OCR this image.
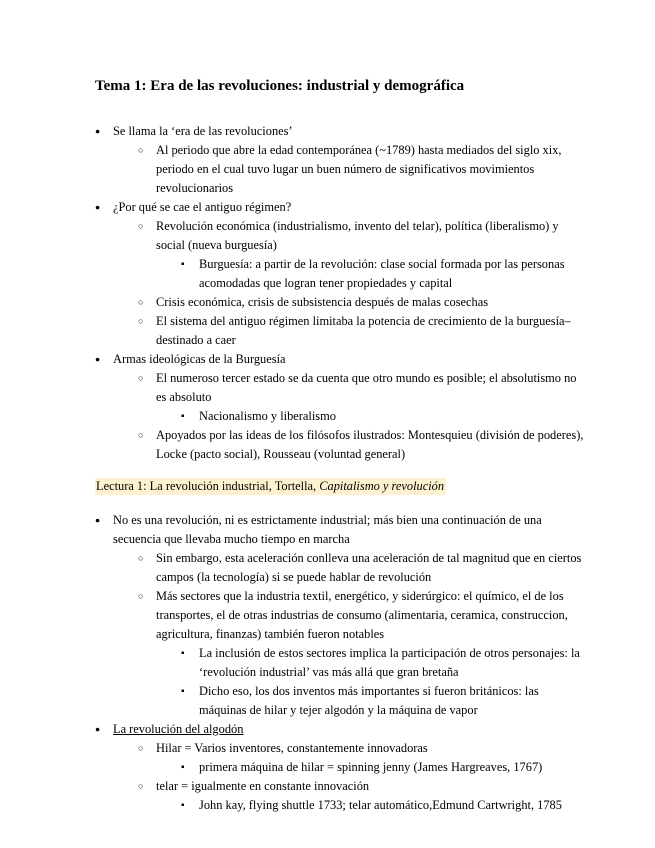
Tema 1: Era de las revoluciones: industrial y demográfica
●	Se llama la ‘era de las revoluciones’
○	Al periodo que abre la edad contemporánea (~1789) hasta mediados del siglo xix, periodo en el cual tuvo lugar un buen número de significativos movimientos revolucionarios
●	¿Por qué se cae el antiguo régimen?
○	Revolución económica (industrialismo, invento del telar), política (liberalismo) y social (nueva burguesía)
▪	Burguesía: a partir de la revolución: clase social formada por las personas acomodadas que logran tener propiedades y capital
○	Crisis económica, crisis de subsistencia después de malas cosechas
○	El sistema del antiguo régimen limitaba la potencia de crecimiento de la burguesía– destinado a caer
●	Armas ideológicas de la Burguesía
○	El numeroso tercer estado se da cuenta que otro mundo es posible; el absolutismo no es absoluto
▪	Nacionalismo y liberalismo
○	Apoyados por las ideas de los filósofos ilustrados: Montesquieu (división de poderes), Locke (pacto social), Rousseau (voluntad general)

Lectura 1: La revolución industrial, Tortella, Capitalismo y revolución

●	No es una revolución, ni es estrictamente industrial; más bien una continuación de una secuencia que llevaba mucho tiempo en marcha
○	Sin embargo, esta aceleración conlleva una aceleración de tal magnitud que en ciertos campos (la tecnología) si se puede hablar de revolución
○	Más sectores que la industria textil, energético, y siderúrgico: el químico, el de los transportes, el de otras industrias de consumo (alimentaria, ceramica, construccion, agricultura, finanzas) también fueron notables
▪	La inclusión de estos sectores implica la participación de otros personajes: la ‘revolución industrial’ vas más allá que gran bretaña
▪	Dicho eso, los dos inventos más importantes si fueron británicos: las máquinas de hilar y tejer algodón y la máquina de vapor
●	La revolución del algodón
○	Hilar = Varios inventores, constantemente innovadoras
▪	primera máquina de hilar = spinning jenny (James Hargreaves, 1767)
○	telar = igualmente en constante innovación
▪	John kay, flying shuttle 1733; telar automático,Edmund Cartwright, 1785
